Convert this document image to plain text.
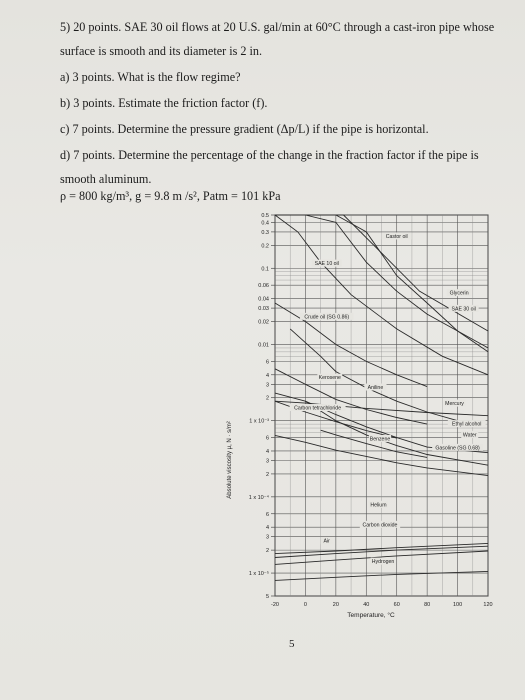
5) 20 points. SAE 30 oil flows at 20 U.S. gal/min at 60°C through a cast-iron pipe whose
surface is smooth and its diameter is 2 in.
a) 3 points. What is the flow regime?
b) 3 points. Estimate the friction factor (f).
c) 7 points. Determine the pressure gradient (Δp/L) if the pipe is horizontal.
d) 7 points. Determine the percentage of the change in the fraction factor if the pipe is
smooth aluminum.
ρ = 800 kg/m³, g = 9.8 m /s², Patm = 101 kPa
0.5
0.4
0.3
0.2
0.1
0.06
0.04
0.03
0.02
0.01
6
4
3
2
1 x 10⁻³
6
4
3
2
1 x 10⁻⁴
6
4
3
2
1 x 10⁻⁵
5
-20	0	20	40	60	80	100	120
Castor oil
Glycerin
SAE 10 oil
SAE 30 oil
Crude oil (SG 0.86)
Kerosene
Aniline
Mercury
Carbon tetrachloride
Ethyl alcohol
Water
Benzene
Gasoline (SG 0.68)
Helium
Carbon dioxide
Air
Hydrogen
Absolute viscosity μ, N · s/m²
Temperature, °C
5
